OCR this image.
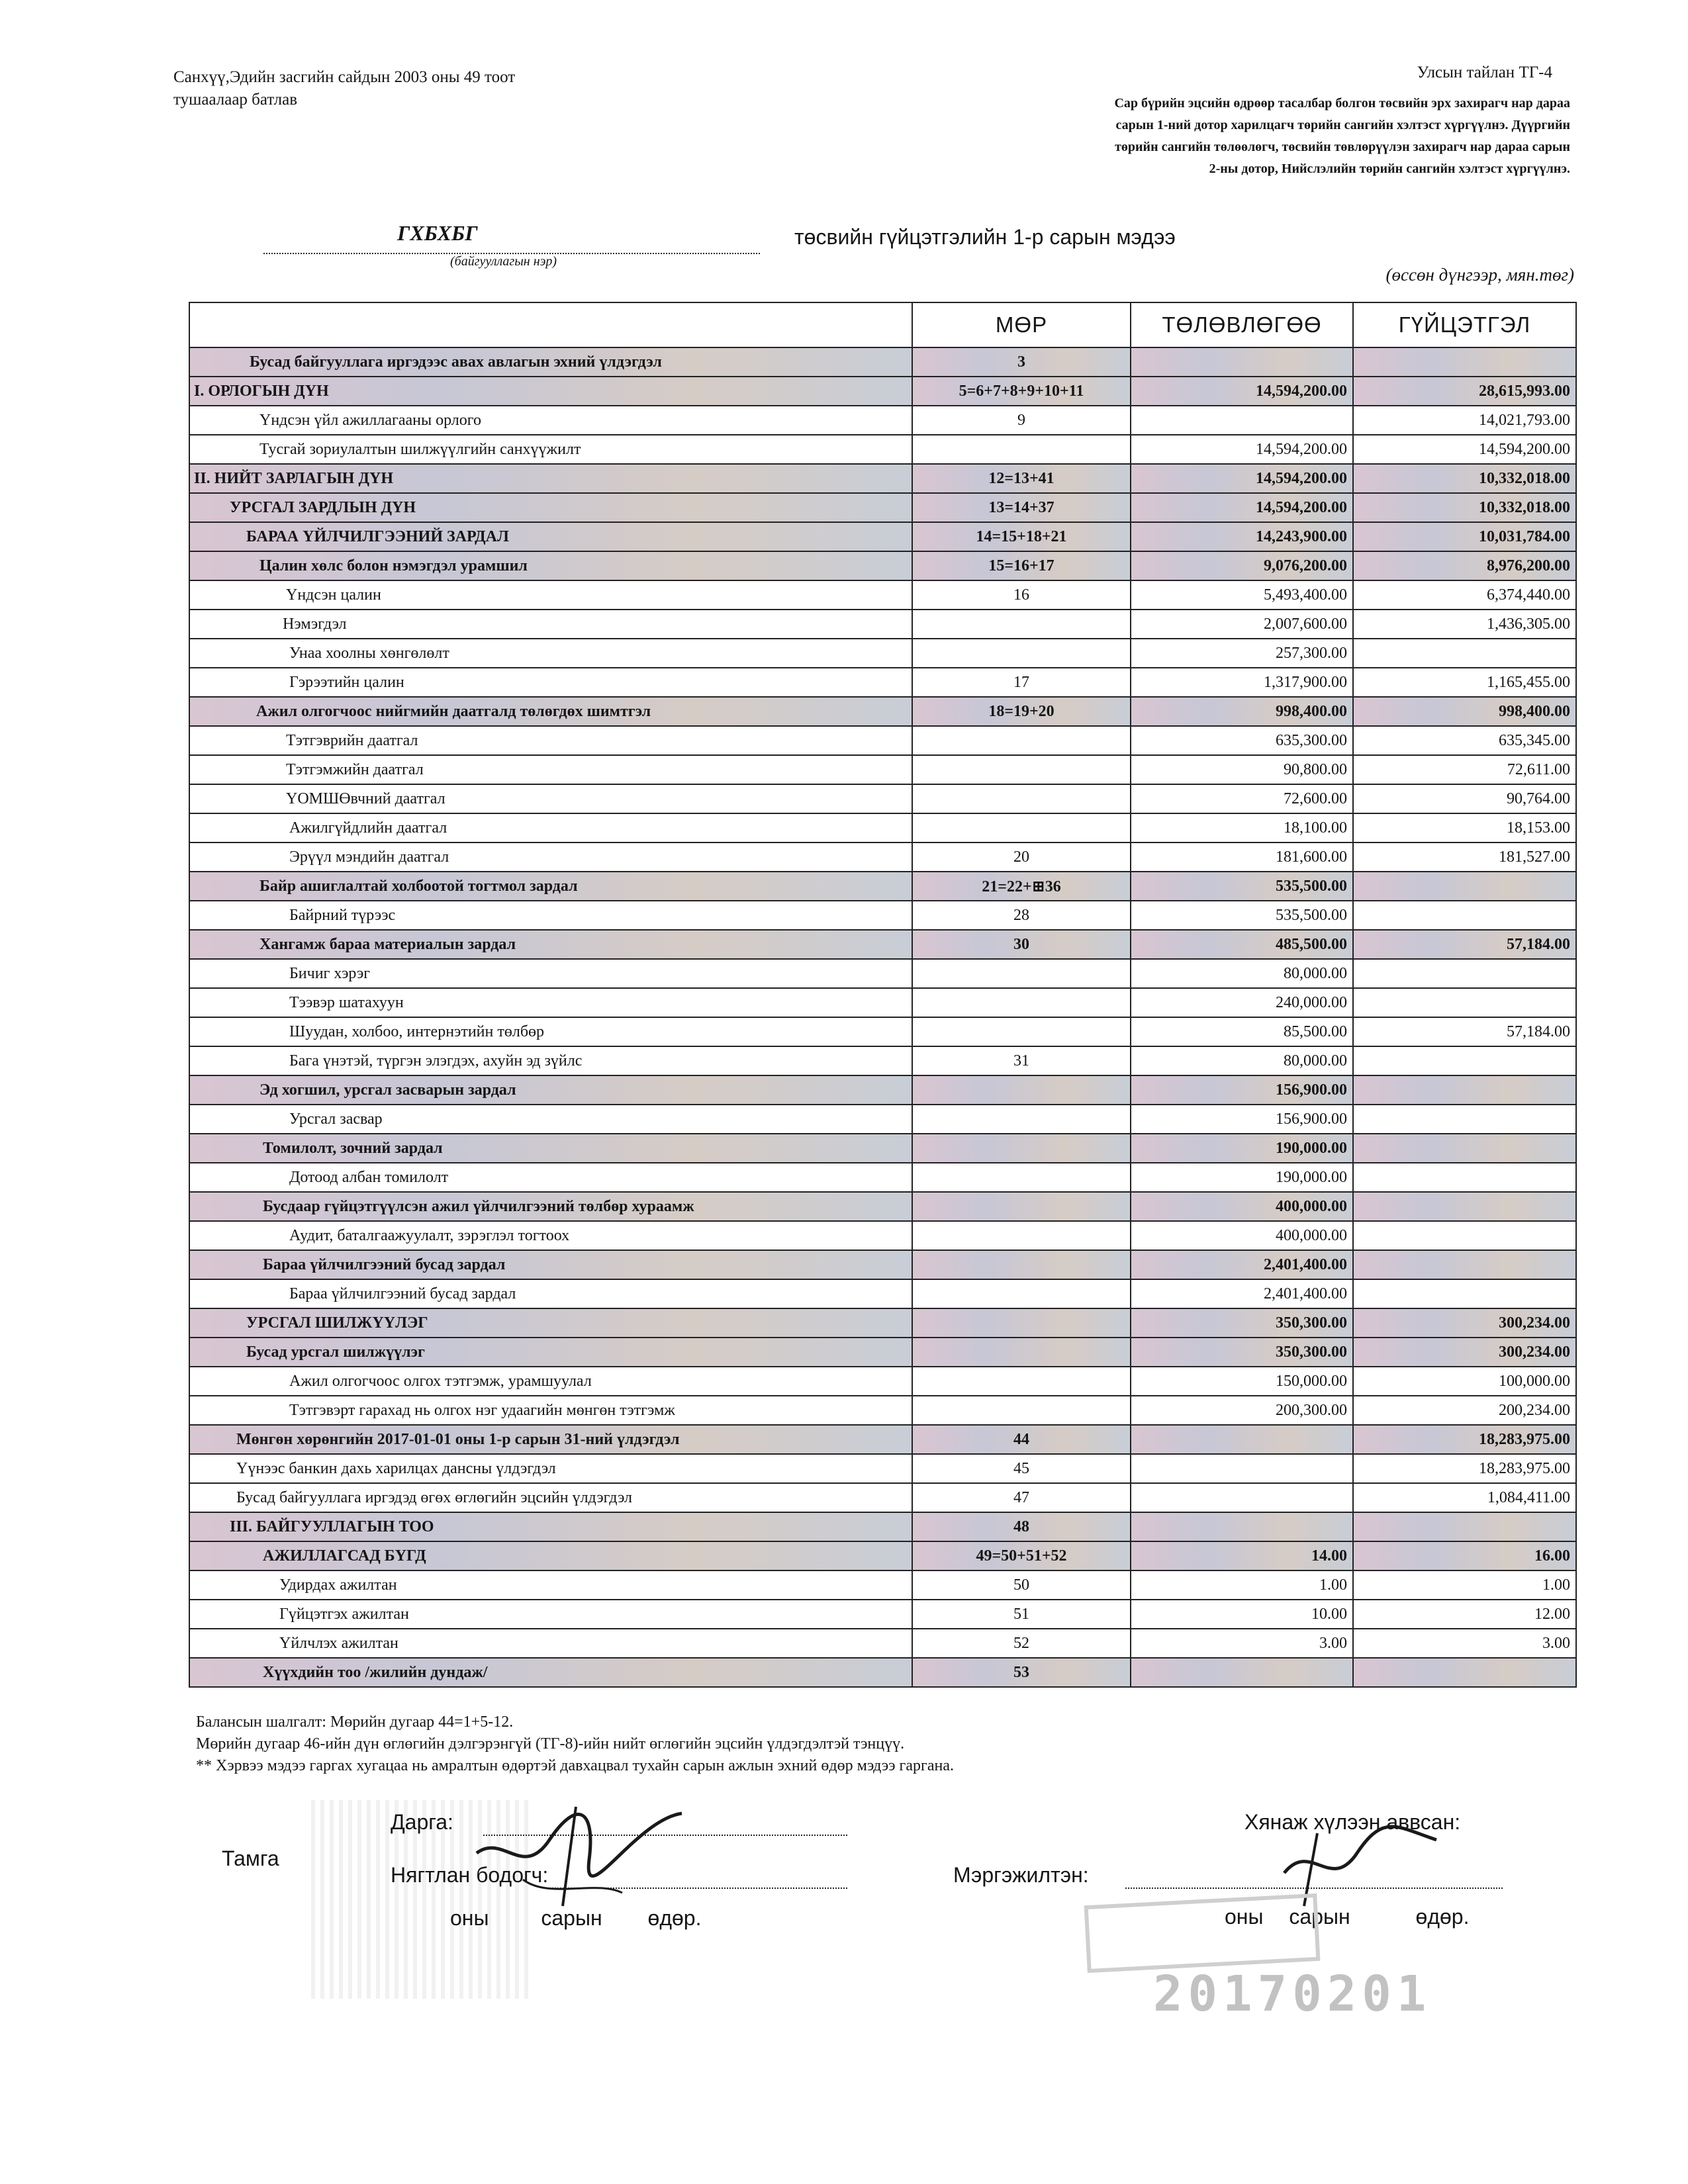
Санхүү,Эдийн засгийн сайдын 2003 оны 49 тоот
тушаалаар батлав
Улсын тайлан ТГ-4
Сар бүрийн эцсийн өдрөөр тасалбар болгон төсвийн эрх захирагч нар дараа
сарын 1-ний дотор харилцагч төрийн сангийн хэлтэст хүргүүлнэ. Дүүргийн
төрийн сангийн төлөөлөгч, төсвийн төвлөрүүлэн захирагч нар дараа сарын
2-ны дотор, Нийслэлийн төрийн сангийн хэлтэст хүргүүлнэ.
ГХБХБГ
(байгууллагын нэр)
төсвийн гүйцэтгэлийн 1-р сарын мэдээ
(өссөн дүнгээр, мян.төг)
	МӨР	ТӨЛӨВЛӨГӨӨ	ГҮЙЦЭТГЭЛ
Бусад байгууллага иргэдээс авах авлагын эхний үлдэгдэл	3		
I. ОРЛОГЫН ДҮН	5=6+7+8+9+10+11	14,594,200.00	28,615,993.00
Үндсэн үйл ажиллагааны орлого	9		14,021,793.00
Тусгай зориулалтын шилжүүлгийн санхүүжилт		14,594,200.00	14,594,200.00
II. НИЙТ ЗАРЛАГЫН ДҮН	12=13+41	14,594,200.00	10,332,018.00
УРСГАЛ ЗАРДЛЫН ДҮН	13=14+37	14,594,200.00	10,332,018.00
БАРАА ҮЙЛЧИЛГЭЭНИЙ ЗАРДАЛ	14=15+18+21	14,243,900.00	10,031,784.00
Цалин хөлс болон нэмэгдэл урамшил	15=16+17	9,076,200.00	8,976,200.00
Үндсэн цалин	16	5,493,400.00	6,374,440.00
Нэмэгдэл		2,007,600.00	1,436,305.00
Унаа хоолны хөнгөлөлт		257,300.00	
Гэрээтийн цалин	17	1,317,900.00	1,165,455.00
Ажил олгогчоос нийгмийн даатгалд төлөгдөх шимтгэл	18=19+20	998,400.00	998,400.00
Тэтгэврийн даатгал		635,300.00	635,345.00
Тэтгэмжийн даатгал		90,800.00	72,611.00
ҮОМШӨвчний даатгал		72,600.00	90,764.00
Ажилгүйдлийн даатгал		18,100.00	18,153.00
Эрүүл мэндийн даатгал	20	181,600.00	181,527.00
Байр ашиглалтай холбоотой тогтмол зардал	21=22+⊞36	535,500.00	
Байрний түрээс	28	535,500.00	
Хангамж бараа материалын зардал	30	485,500.00	57,184.00
Бичиг хэрэг		80,000.00	
Тээвэр шатахуун		240,000.00	
Шуудан, холбоо, интернэтийн төлбөр		85,500.00	57,184.00
Бага үнэтэй, түргэн элэгдэх, ахуйн эд зүйлс	31	80,000.00	
Эд хогшил, урсгал засварын зардал		156,900.00	
Урсгал засвар		156,900.00	
Томилолт, зочний зардал		190,000.00	
Дотоод албан томилолт		190,000.00	
Бусдаар гүйцэтгүүлсэн ажил үйлчилгээний төлбөр хураамж		400,000.00	
Аудит, баталгаажуулалт, зэрэглэл тогтоох		400,000.00	
Бараа үйлчилгээний бусад зардал		2,401,400.00	
Бараа үйлчилгээний бусад зардал		2,401,400.00	
УРСГАЛ ШИЛЖҮҮЛЭГ		350,300.00	300,234.00
Бусад урсгал шилжүүлэг		350,300.00	300,234.00
Ажил олгогчоос олгох тэтгэмж, урамшуулал		150,000.00	100,000.00
Тэтгэвэрт гарахад нь олгох нэг удаагийн мөнгөн тэтгэмж		200,300.00	200,234.00
Мөнгөн хөрөнгийн 2017-01-01 оны 1-р сарын 31-ний үлдэгдэл	44		18,283,975.00
Үүнээс банкин дахь харилцах дансны үлдэгдэл	45		18,283,975.00
Бусад байгууллага иргэдэд өгөх өглөгийн эцсийн үлдэгдэл	47		1,084,411.00
III. БАЙГУУЛЛАГЫН ТОО	48		
АЖИЛЛАГСАД БҮГД	49=50+51+52	14.00	16.00
Удирдах ажилтан	50	1.00	1.00
Гүйцэтгэх ажилтан	51	10.00	12.00
Үйлчлэх ажилтан	52	3.00	3.00
Хүүхдийн тоо /жилийн дундаж/	53		
Балансын шалгалт: Мөрийн дугаар 44=1+5-12.
Мөрийн дугаар 46-ийн дүн өглөгийн дэлгэрэнгүй (ТГ-8)-ийн нийт өглөгийн эцсийн үлдэгдэлтэй тэнцүү.
** Хэрвээ мэдээ гаргах хугацаа нь амралтын өдөртэй давхацвал тухайн сарын ажлын эхний өдөр мэдээ гаргана.
Тамга
Дарга:
Нягтлан бодогч:
оны сарын өдөр.
Хянаж хүлээн аввсан:
Мэргэжилтэн:
оны сарын	өдөр.
20170201
